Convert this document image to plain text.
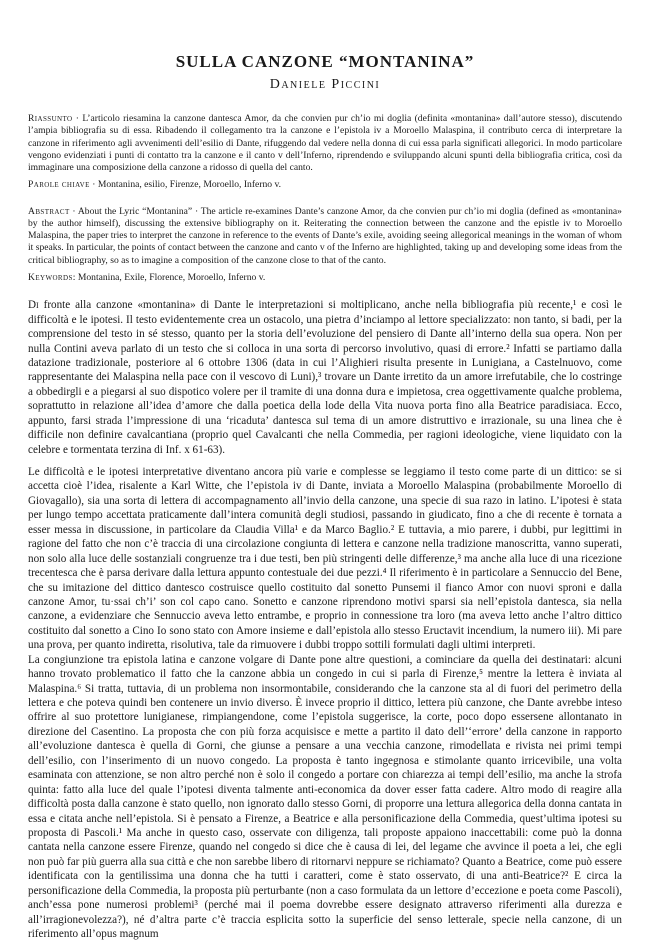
SULLA CANZONE “MONTANINA”
Daniele Piccini

Riassunto · L’articolo riesamina la canzone dantesca Amor, da che convien pur ch’io mi doglia (definita «montanina» dall’autore stesso), discutendo l’ampia bibliografia su di essa. Ribadendo il collegamento tra la canzone e l’epistola iv a Moroello Malaspina, il contributo cerca di interpretare la canzone in riferimento agli avvenimenti dell’esilio di Dante, rifuggendo dal vedere nella donna di cui essa parla significati allegorici. In modo particolare vengono evidenziati i punti di contatto tra la canzone e il canto v dell’Inferno, riprendendo e sviluppando alcuni spunti della bibliografia critica, così da immaginare una composizione della canzone a ridosso di quella del canto.

Parole chiave · Montanina, esilio, Firenze, Moroello, Inferno v.

Abstract · About the Lyric “Montanina” · The article re-examines Dante’s canzone Amor, da che convien pur ch’io mi doglia (defined as «montanina» by the author himself), discussing the extensive bibliography on it. Reiterating the connection between the canzone and the epistle iv to Moroello Malaspina, the paper tries to interpret the canzone in reference to the events of Dante’s exile, avoiding seeing allegorical meanings in the woman of whom it speaks. In particular, the points of contact between the canzone and canto v of the Inferno are highlighted, taking up and developing some ideas from the critical bibliography, so as to imagine a composition of the canzone close to that of the canto.

Keywords: Montanina, Exile, Florence, Moroello, Inferno v.

Di fronte alla canzone «montanina» di Dante le interpretazioni si moltiplicano, anche nella bibliografia più recente,¹ e così le difficoltà e le ipotesi. Il testo evidentemente crea un ostacolo, una pietra d’inciampo al lettore specializzato: non tanto, si badi, per la comprensione del testo in sé stesso, quanto per la storia dell’evoluzione del pensiero di Dante all’interno della sua opera. Non per nulla Contini aveva parlato di un testo che si colloca in una sorta di percorso involutivo, quasi di errore.² Infatti se partiamo dalla datazione tradizionale, posteriore al 6 ottobre 1306 (data in cui l’Alighieri risulta presente in Lunigiana, a Castelnuovo, come rappresentante dei Malaspina nella pace con il vescovo di Luni),³ trovare un Dante irretito da un amore irrefutabile, che lo costringe a obbedirgli e a piegarsi al suo dispotico volere per il tramite di una donna dura e impietosa, crea oggettivamente qualche problema, soprattutto in relazione all’idea d’amore che dalla poetica della lode della Vita nuova porta fino alla Beatrice paradisiaca. Ecco, appunto, farsi strada l’impressione di una ‘ricaduta’ dantesca sul tema di un amore distruttivo e irrazionale, su una linea che è difficile non definire cavalcantiana (proprio quel Cavalcanti che nella Commedia, per ragioni ideologiche, viene liquidato con la celebre e tormentata terzina di Inf. x 61-63).

Le difficoltà e le ipotesi interpretative diventano ancora più varie e complesse se leggiamo il testo come parte di un dittico: se si accetta cioè l’idea, risalente a Karl Witte, che l’epistola iv di Dante, inviata a Moroello Malaspina (probabilmente Moroello di Giovagallo), sia una sorta di lettera di accompagnamento all’invio della canzone, una specie di sua razo in latino. L’ipotesi è stata per lungo tempo accettata praticamente dall’intera comunità degli studiosi, passando in giudicato, fino a che di recente è tornata a esser messa in discussione, in particolare da Claudia Villa¹ e da Marco Baglio.² E tuttavia, a mio parere, i dubbi, pur legittimi in ragione del fatto che non c’è traccia di una circolazione congiunta di lettera e canzone nella tradizione manoscritta, vanno superati, non solo alla luce delle sostanziali congruenze tra i due testi, ben più stringenti delle differenze,³ ma anche alla luce di una ricezione trecentesca che è parsa derivare dalla lettura appunto contestuale dei due pezzi.⁴ Il riferimento è in particolare a Sennuccio del Bene, che su imitazione del dittico dantesco costruisce quello costituito dal sonetto Punsemi il fianco Amor con nuovi sproni e dalla canzone Amor, tu·ssai ch’i’ son col capo cano. Sonetto e canzone riprendono motivi sparsi sia nell’epistola dantesca, sia nella canzone, a evidenziare che Sennuccio aveva letto entrambe, e proprio in connessione tra loro (ma aveva letto anche l’altro dittico costituito dal sonetto a Cino Io sono stato con Amore insieme e dall’epistola allo stesso Eructavit incendium, la numero iii). Mi pare una prova, per quanto indiretta, risolutiva, tale da rimuovere i dubbi troppo sottili formulati dagli ultimi interpreti.

La congiunzione tra epistola latina e canzone volgare di Dante pone altre questioni, a cominciare da quella dei destinatari: alcuni hanno trovato problematico il fatto che la canzone abbia un congedo in cui si parla di Firenze,⁵ mentre la lettera è inviata al Malaspina.⁶ Si tratta, tuttavia, di un problema non insormontabile, considerando che la canzone sta al di fuori del perimetro della lettera e che poteva quindi ben contenere un invio diverso. È invece proprio il dittico, lettera più canzone, che Dante avrebbe inteso offrire al suo protettore lunigianese, rimpiangendone, come l’epistola suggerisce, la corte, poco dopo essersene allontanato in direzione del Casentino. La proposta che con più forza acquisisce e mette a partito il dato dell’‘errore’ della canzone in rapporto all’evoluzione dantesca è quella di Gorni, che giunse a pensare a una vecchia canzone, rimodellata e rivista nei primi tempi dell’esilio, con l’inserimento di un nuovo congedo. La proposta è tanto ingegnosa e stimolante quanto irricevibile, una volta esaminata con attenzione, se non altro perché non è solo il congedo a portare con chiarezza ai tempi dell’esilio, ma anche la strofa quinta: fatto alla luce del quale l’ipotesi diventa talmente anti-economica da dover esser fatta cadere. Altro modo di reagire alla difficoltà posta dalla canzone è stato quello, non ignorato dallo stesso Gorni, di proporre una lettura allegorica della donna cantata in essa e citata anche nell’epistola. Si è pensato a Firenze, a Beatrice e alla personificazione della Commedia, quest’ultima ipotesi su proposta di Pascoli.¹ Ma anche in questo caso, osservate con diligenza, tali proposte appaiono inaccettabili: come può la donna cantata nella canzone essere Firenze, quando nel congedo si dice che è causa di lei, del legame che avvince il poeta a lei, che egli non può far più guerra alla sua città e che non sarebbe libero di ritornarvi neppure se richiamato? Quanto a Beatrice, come può essere identificata con la gentilissima una donna che ha tutti i caratteri, come è stato osservato, di una anti-Beatrice?² E circa la personificazione della Commedia, la proposta più perturbante (non a caso formulata da un lettore d’eccezione e poeta come Pascoli), anch’essa pone numerosi problemi³ (perché mai il poema dovrebbe essere designato attraverso riferimenti alla durezza e all’irragionevolezza?), né d’altra parte c’è traccia esplicita sotto la superficie del senso letterale, specie nella canzone, di un riferimento all’opus magnum
